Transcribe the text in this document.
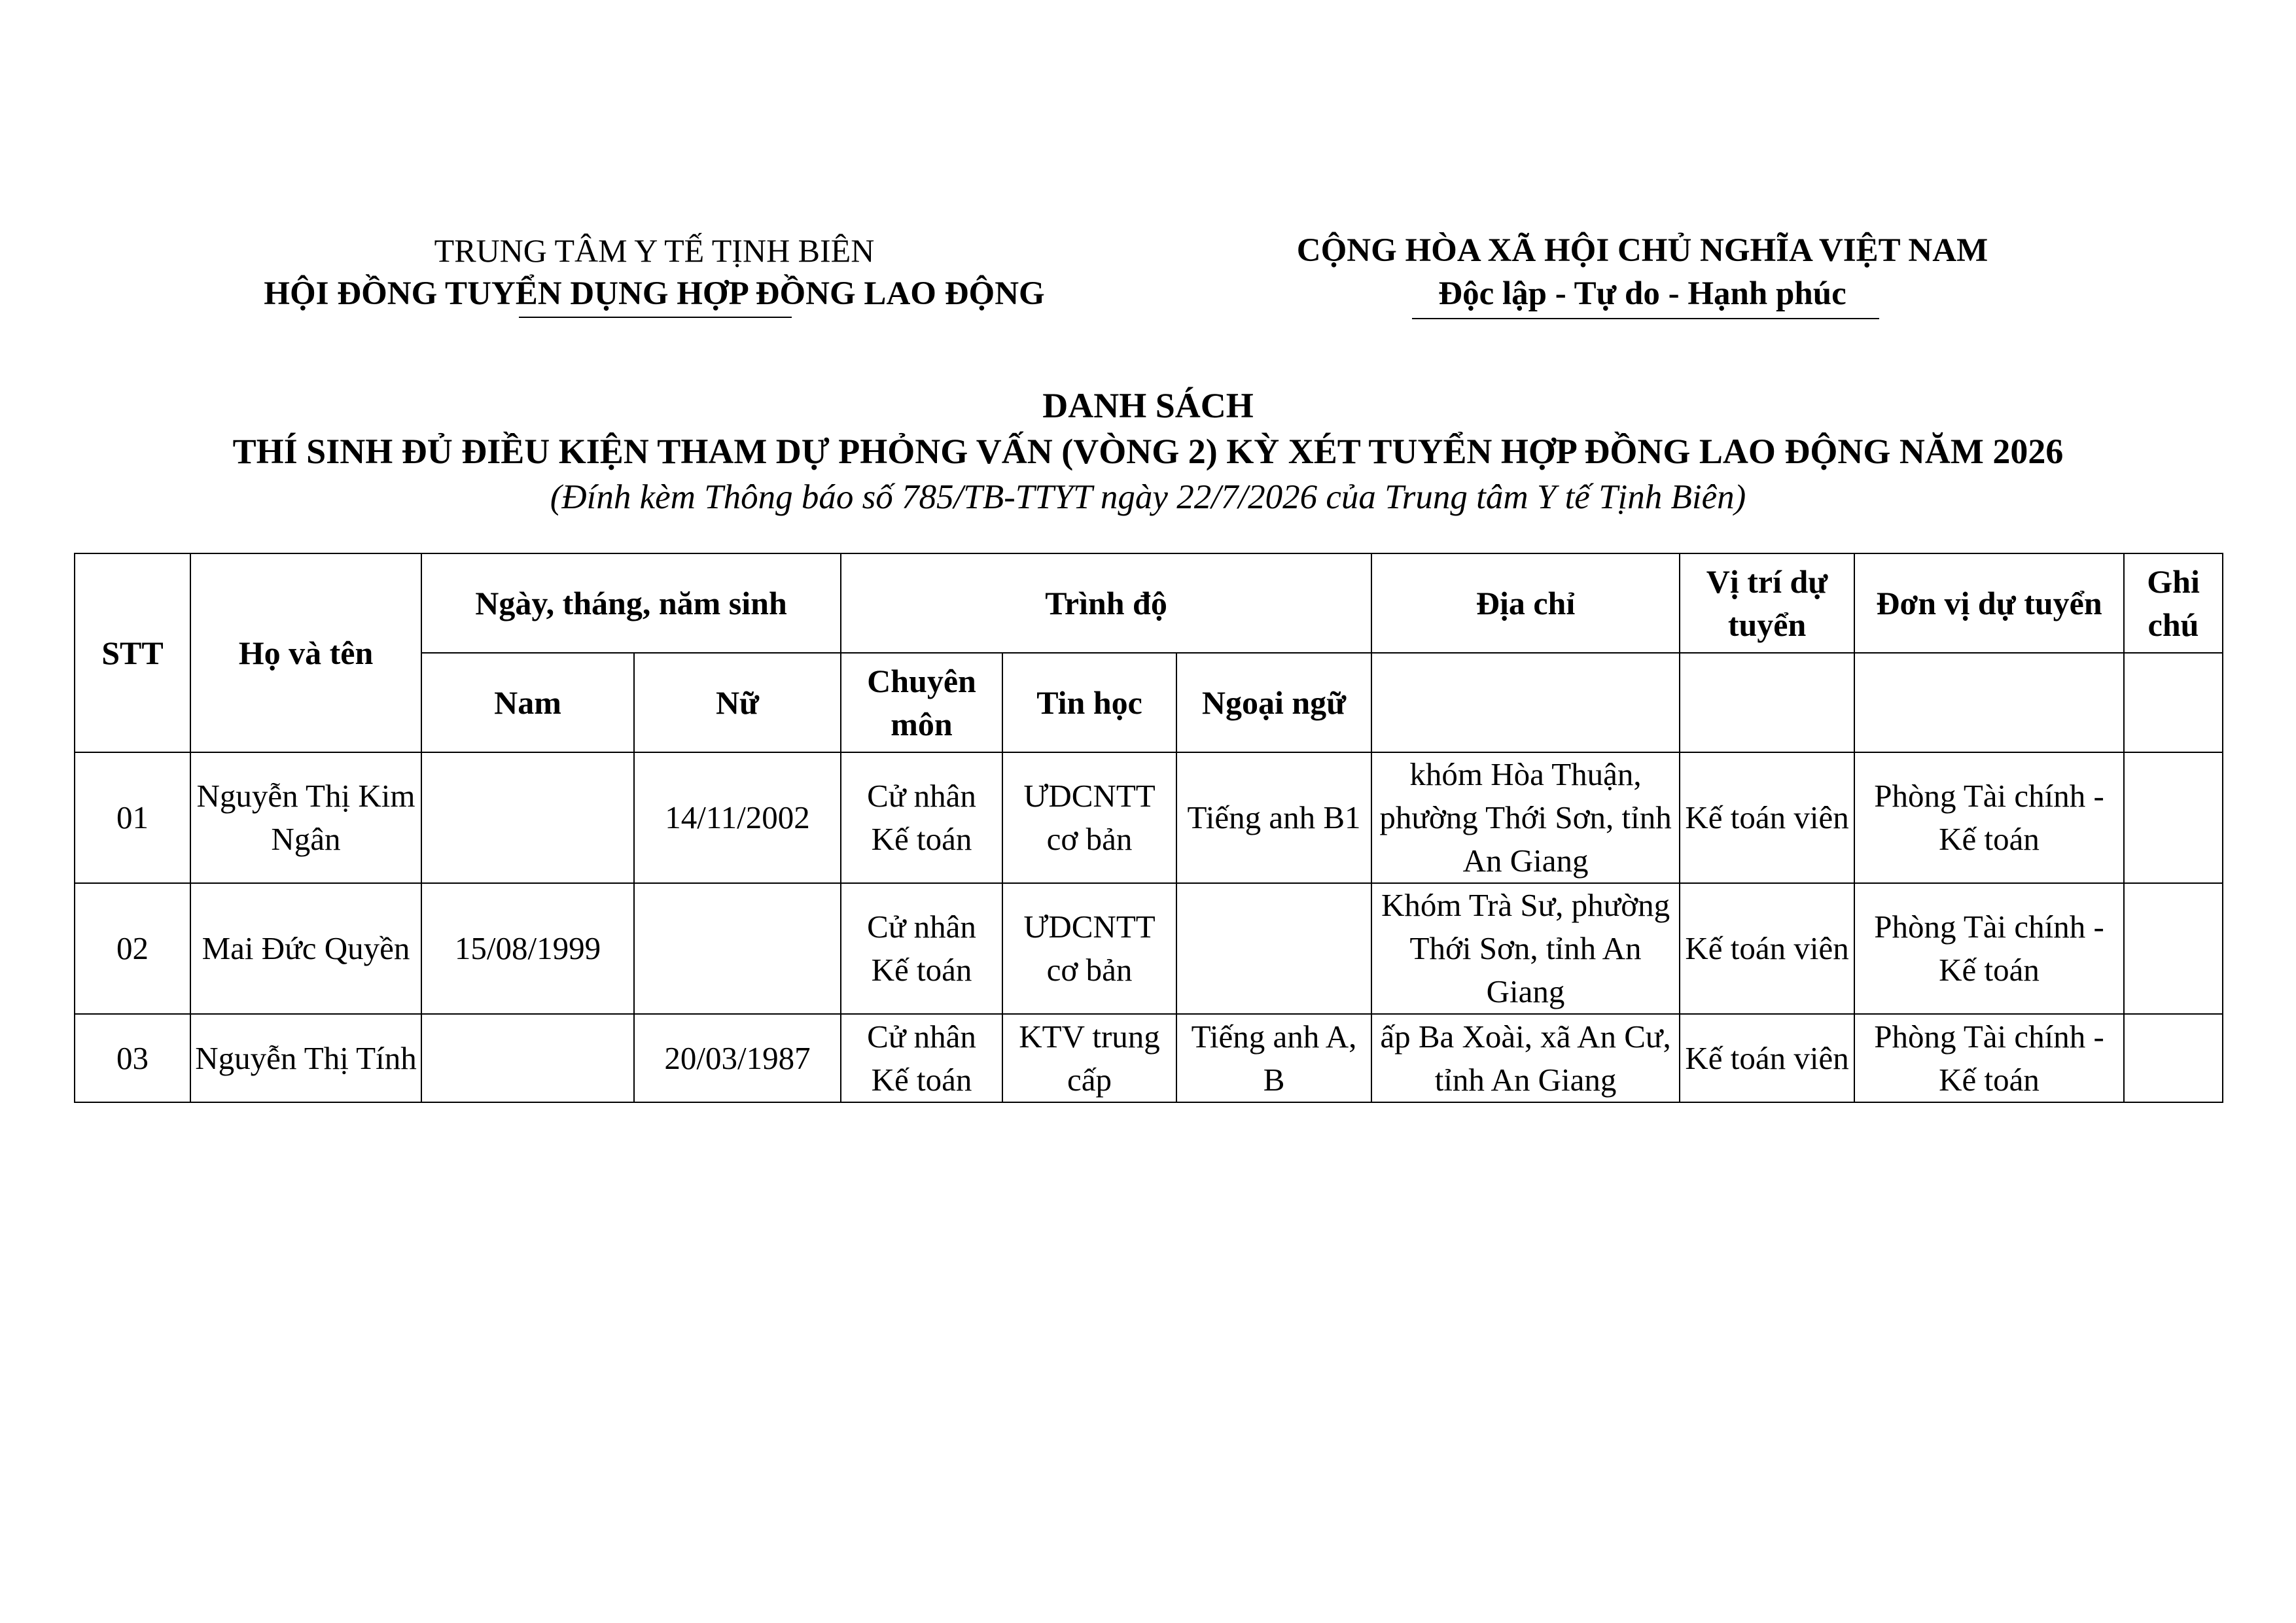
TRUNG TÂM Y TẾ TỊNH BIÊN
HỘI ĐỒNG TUYỂN DỤNG HỢP ĐỒNG LAO ĐỘNG
CỘNG HÒA XÃ HỘI CHỦ NGHĨA VIỆT NAM
Độc lập - Tự do - Hạnh phúc
DANH SÁCH
THÍ SINH ĐỦ ĐIỀU KIỆN THAM DỰ PHỎNG VẤN (VÒNG 2) KỲ XÉT TUYỂN HỢP ĐỒNG LAO ĐỘNG NĂM 2026
(Đính kèm Thông báo số 785/TB-TTYT ngày 22/7/2026 của Trung tâm Y tế Tịnh Biên)
STT	Họ và tên	Ngày, tháng, năm sinh		Trình độ			Địa chỉ	Vị trí dự tuyển	Đơn vị dự tuyển	Ghi chú
		Nam	Nữ	Chuyên môn	Tin học	Ngoại ngữ				
01	Nguyễn Thị Kim Ngân		14/11/2002	Cử nhân Kế toán	ƯDCNTT cơ bản	Tiếng anh B1	khóm Hòa Thuận, phường Thới Sơn, tỉnh An Giang	Kế toán viên	Phòng Tài chính - Kế toán	
02	Mai Đức Quyền	15/08/1999		Cử nhân Kế toán	ƯDCNTT cơ bản		Khóm Trà Sư, phường Thới Sơn, tỉnh An Giang	Kế toán viên	Phòng Tài chính - Kế toán	
03	Nguyễn Thị Tính		20/03/1987	Cử nhân Kế toán	KTV trung cấp	Tiếng anh A, B	ấp Ba Xoài, xã An Cư, tỉnh An Giang	Kế toán viên	Phòng Tài chính - Kế toán	
